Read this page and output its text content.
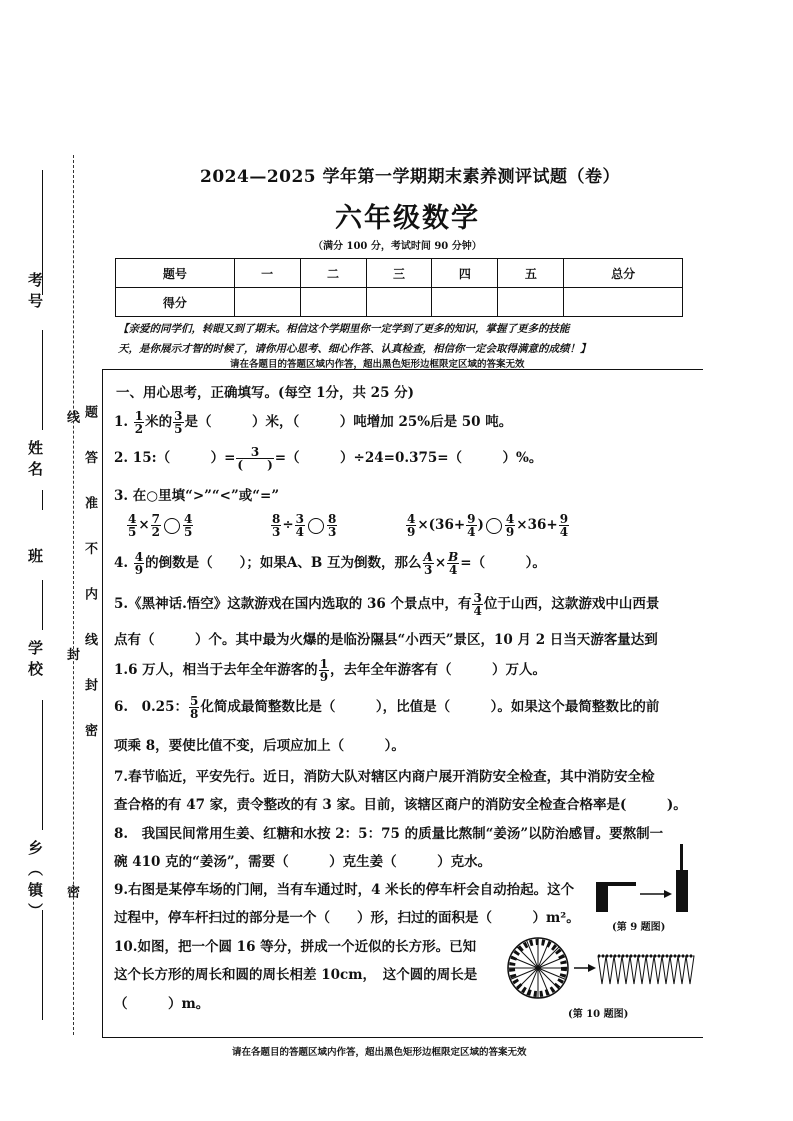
考号
姓名
班
学校
乡（镇） 线 封 密 题 答 准 不 内 线 封 密
2024—2025 学年第一学期期末素养测评试题（卷）
六年级数学
（满分 100 分，考试时间 90 分钟）
题号	一	二	三	四	五	总分
得分						
【亲爱的同学们，转眼又到了期末。相信这个学期里你一定学到了更多的知识，掌握了更多的技能
天，是你展示才智的时候了，请你用心思考、细心作答、认真检查，相信你一定会取得满意的成绩！】
请在各题目的答题区域内作答，超出黑色矩形边框限定区域的答案无效
一、用心思考，正确填写。(每空 1分，共 25 分)
1. $\frac{1}{2}$ 米的 $\frac{3}{5}$ 是（　　　）米，（　　　）吨增加 25%后是 50 吨。
2. 15:（　　　）= $\frac{3}{( )}$ =（　　　）÷24=0.375=（　　　）%。
3. 在○里填“>”“<”或“=”
$\frac{4}{5} \times \frac{7}{2} \frac{4}{5}$	$\frac{8}{3} \div \frac{3}{4} \frac{8}{3}$	$\frac{4}{9} \times(36+ \frac{9}{4}$ ) $\frac{4}{9} \times 36+ \frac{9}{4}$
4. $\frac{4}{9}$ 的倒数是（　　）；如果A、B 互为倒数，那么 $\frac{A}{3} \times \frac{B}{4}$ =（　　　）。
5.《黑神话.悟空》这款游戏在国内选取的 36 个景点中，有 $\frac{3}{4}$ 位于山西，这款游戏中山西景
点有（　　　）个。其中最为火爆的是临汾隰县“小西天”景区，10 月 2 日当天游客量达到
1.6 万人，相当于去年全年游客的 $\frac{1}{9}$ ，去年全年游客有（　　　）万人。
6.　0.25： $\frac{5}{8}$ 化简成最简整数比是（　　　），比值是（　　　）。如果这个最简整数比的前
项乘 8，要使比值不变，后项应加上（　　　）。
7.春节临近，平安先行。近日，消防大队对辖区内商户展开消防安全检查，其中消防安全检
查合格的有 47 家，责令整改的有 3 家。目前，该辖区商户的消防安全检查合格率是(　　　)。
8.　我国民间常用生姜、红糖和水按 2：5：75 的质量比熬制“姜汤”以防治感冒。要熬制一
碗 410 克的“姜汤”，需要（　　　）克生姜（　　　）克水。
9.右图是某停车场的门闸，当有车通过时，4 米长的停车杆会自动抬起。这个
过程中，停车杆扫过的部分是一个（　　）形，扫过的面积是（　　　）m²。
(第 9 题图)
10.如图，把一个圆 16 等分，拼成一个近似的长方形。已知
这个长方形的周长和圆的周长相差 10cm，　这个圆的周长是
（　　　）m。
(第 10 题图)
请在各题目的答题区域内作答，超出黑色矩形边框限定区域的答案无效
